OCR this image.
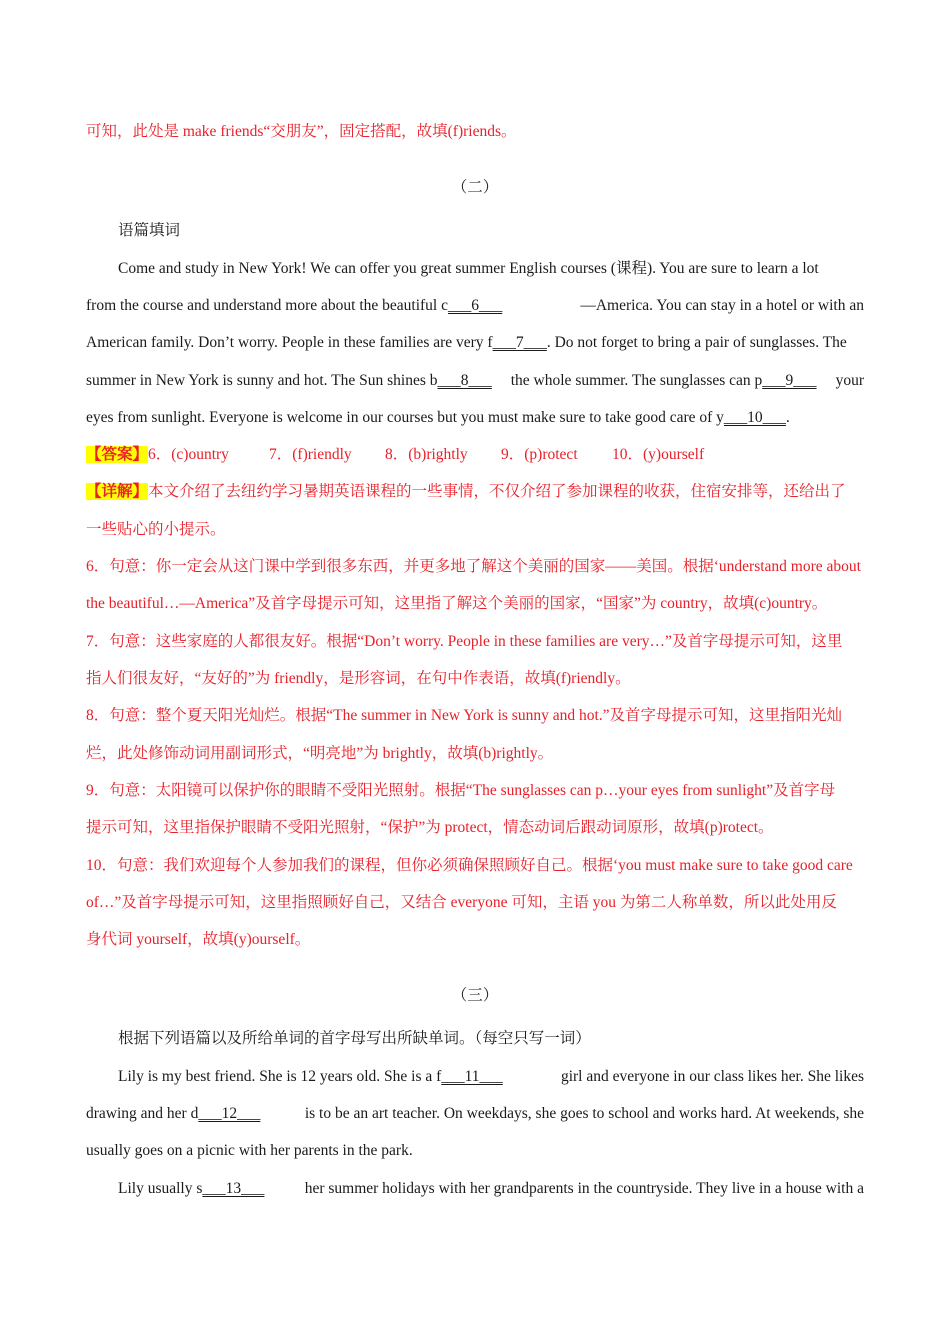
可知，此处是 make friends“交朋友”，固定搭配，故填(f)riends。
（二）
语篇填词
Come and study in New York! We can offer you great summer English courses (课程). You are sure to learn a lot
from the course and understand more about the beautiful c___6___	—America. You can stay in a hotel or with an
American family. Don’t worry. People in these families are very f___7___. Do not forget to bring a pair of sunglasses. The
summer in New York is sunny and hot. The Sun shines b___8___ the whole summer. The sunglasses can p___9___ your
eyes from sunlight. Everyone is welcome in our courses but you must make sure to take good care of y___10___.
【答案】6．(c)ountry	7．(f)riendly 8．(b)rightly 9．(p)rotect 10．(y)ourself
【详解】本文介绍了去纽约学习暑期英语课程的一些事情，不仅介绍了参加课程的收获，住宿安排等，还给出了
一些贴心的小提示。
6．句意：你一定会从这门课中学到很多东西，并更多地了解这个美丽的国家——美国。根据‘understand more about
the beautiful…—America”及首字母提示可知，这里指了解这个美丽的国家，“国家”为 country，故填(c)ountry。
7．句意：这些家庭的人都很友好。根据“Don’t worry. People in these families are very…”及首字母提示可知，这里
指人们很友好，“友好的”为 friendly，是形容词，在句中作表语，故填(f)riendly。
8．句意：整个夏天阳光灿烂。根据“The summer in New York is sunny and hot.”及首字母提示可知，这里指阳光灿
烂，此处修饰动词用副词形式，“明亮地”为 brightly，故填(b)rightly。
9．句意：太阳镜可以保护你的眼睛不受阳光照射。根据“The sunglasses can p…your eyes from sunlight”及首字母
提示可知，这里指保护眼睛不受阳光照射，“保护”为 protect，情态动词后跟动词原形，故填(p)rotect。
10．句意：我们欢迎每个人参加我们的课程，但你必须确保照顾好自己。根据‘you must make sure to take good care
of…”及首字母提示可知，这里指照顾好自己，又结合 everyone 可知，主语 you 为第二人称单数，所以此处用反
身代词 yourself，故填(y)ourself。
（三）
根据下列语篇以及所给单词的首字母写出所缺单词。（每空只写一词）
Lily is my best friend. She is 12 years old. She is a f___11___	girl and everyone in our class likes her. She likes
drawing and her d___12___	is to be an art teacher. On weekdays, she goes to school and works hard. At weekends, she
usually goes on a picnic with her parents in the park.
Lily usually s___13___	her summer holidays with her grandparents in the countryside. They live in a house with a
